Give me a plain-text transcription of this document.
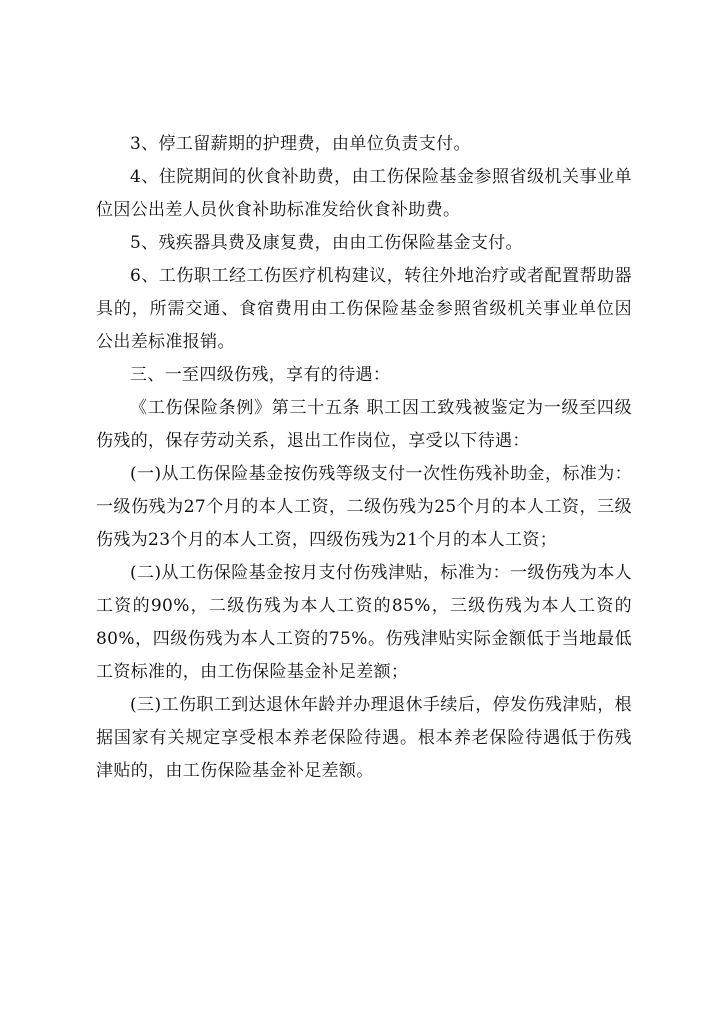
3、停工留薪期的护理费，由单位负责支付。

4、住院期间的伙食补助费，由工伤保险基金参照省级机关事业单位因公出差人员伙食补助标准发给伙食补助费。

5、残疾器具费及康复费，由由工伤保险基金支付。

6、工伤职工经工伤医疗机构建议，转往外地治疗或者配置帮助器具的，所需交通、食宿费用由工伤保险基金参照省级机关事业单位因公出差标准报销。

三、一至四级伤残，享有的待遇：

《工伤保险条例》第三十五条 职工因工致残被鉴定为一级至四级伤残的，保存劳动关系，退出工作岗位，享受以下待遇：

(一)从工伤保险基金按伤残等级支付一次性伤残补助金，标准为：一级伤残为27个月的本人工资，二级伤残为25个月的本人工资，三级伤残为23个月的本人工资，四级伤残为21个月的本人工资；

(二)从工伤保险基金按月支付伤残津贴，标准为：一级伤残为本人工资的90%，二级伤残为本人工资的85%，三级伤残为本人工资的80%，四级伤残为本人工资的75%。伤残津贴实际金额低于当地最低工资标准的，由工伤保险基金补足差额；

(三)工伤职工到达退休年龄并办理退休手续后，停发伤残津贴，根据国家有关规定享受根本养老保险待遇。根本养老保险待遇低于伤残津贴的，由工伤保险基金补足差额。
